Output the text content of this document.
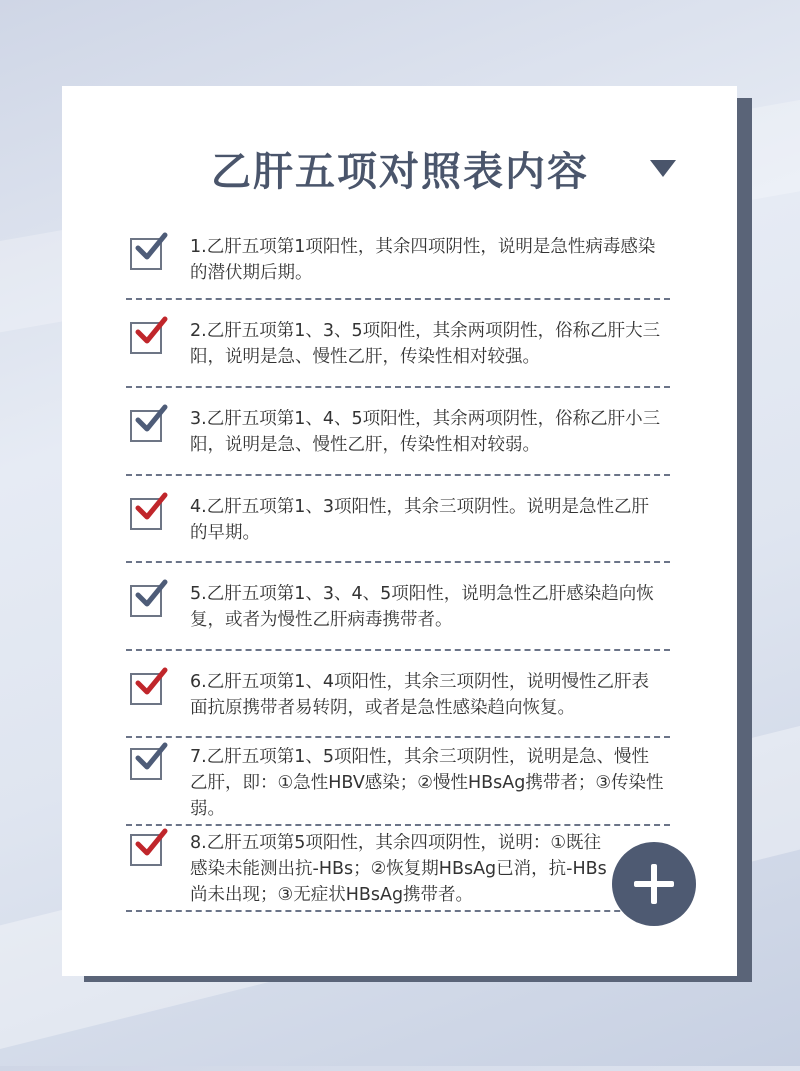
乙肝五项对照表内容
1.乙肝五项第1项阳性，其余四项阴性，说明是急性病毒感染的潜伏期后期。
2.乙肝五项第1、3、5项阳性，其余两项阴性，俗称乙肝大三阳，说明是急、慢性乙肝，传染性相对较强。
3.乙肝五项第1、4、5项阳性，其余两项阴性，俗称乙肝小三阳，说明是急、慢性乙肝，传染性相对较弱。
4.乙肝五项第1、3项阳性，其余三项阴性。说明是急性乙肝的早期。
5.乙肝五项第1、3、4、5项阳性，说明急性乙肝感染趋向恢复，或者为慢性乙肝病毒携带者。
6.乙肝五项第1、4项阳性，其余三项阴性，说明慢性乙肝表面抗原携带者易转阴，或者是急性感染趋向恢复。
7.乙肝五项第1、5项阳性，其余三项阴性，说明是急、慢性乙肝，即：①急性HBV感染；②慢性HBsAg携带者；③传染性弱。
8.乙肝五项第5项阳性，其余四项阴性，说明：①既往感染未能测出抗-HBs；②恢复期HBsAg已消，抗-HBs尚未出现；③无症状HBsAg携带者。
